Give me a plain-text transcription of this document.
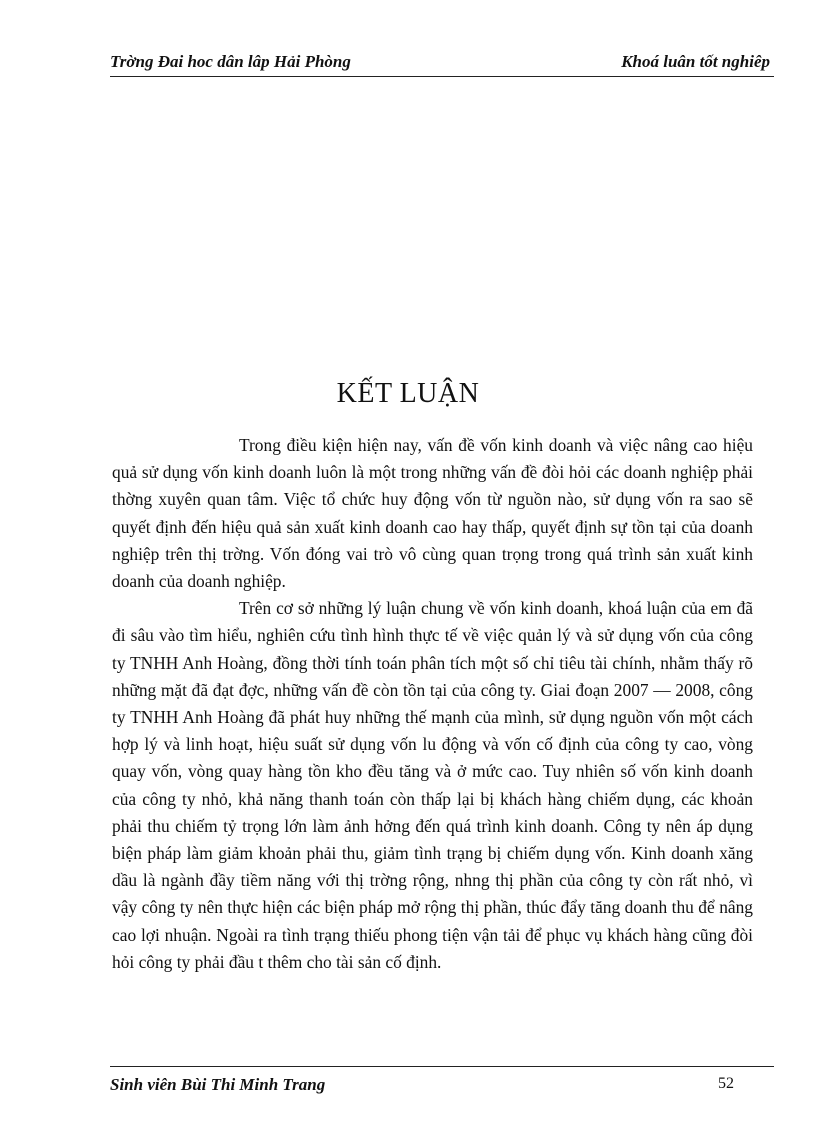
Trờng Đai hoc dân lâp Hải Phòng	Khoá luân tốt nghiêp
KẾT LUẬN

Trong điều kiện hiện nay, vấn đề vốn kinh doanh và việc nâng cao hiệu quả sử dụng vốn kinh doanh luôn là một trong những vấn đề đòi hỏi các doanh nghiệp phải thờng xuyên quan tâm. Việc tổ chức huy động vốn từ nguồn nào, sử dụng vốn ra sao sẽ quyết định đến hiệu quả sản xuất kinh doanh cao hay thấp, quyết định sự tồn tại của doanh nghiệp trên thị trờng. Vốn đóng vai trò vô cùng quan trọng trong quá trình sản xuất kinh doanh của doanh nghiệp.

Trên cơ sở những lý luận chung về vốn kinh doanh, khoá luận của em đã đi sâu vào tìm hiểu, nghiên cứu tình hình thực tế về việc quản lý và sử dụng vốn của công ty TNHH Anh Hoàng, đồng thời tính toán phân tích một số chỉ tiêu tài chính, nhằm thấy rõ những mặt đã đạt đợc, những vấn đề còn tồn tại của công ty. Giai đoạn 2007 — 2008, công ty TNHH Anh Hoàng đã phát huy những thế mạnh của mình, sử dụng nguồn vốn một cách hợp lý và linh hoạt, hiệu suất sử dụng vốn lu động và vốn cố định của công ty cao, vòng quay vốn, vòng quay hàng tồn kho đều tăng và ở mức cao. Tuy nhiên số vốn kinh doanh của công ty nhỏ, khả năng thanh toán còn thấp lại bị khách hàng chiếm dụng, các khoản phải thu chiếm tỷ trọng lớn làm ảnh hởng đến quá trình kinh doanh. Công ty nên áp dụng biện pháp làm giảm khoản phải thu, giảm tình trạng bị chiếm dụng vốn. Kinh doanh xăng dầu là ngành đầy tiềm năng với thị trờng rộng, nhng thị phần của công ty còn rất nhỏ, vì vậy công ty nên thực hiện các biện pháp mở rộng thị phần, thúc đẩy tăng doanh thu để nâng cao lợi nhuận. Ngoài ra tình trạng thiếu phong tiện vận tải để phục vụ khách hàng cũng đòi hỏi công ty phải đầu t thêm cho tài sản cố định.

Sinh viên Bùi Thi Minh Trang	52
